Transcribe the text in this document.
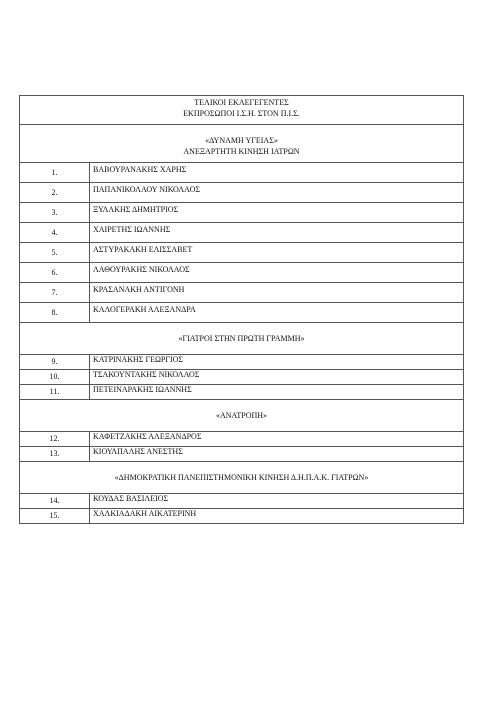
ΤΕΛΙΚΟΙ ΕΚΛΕΓΕΓΕΝΤΕΣ
ΕΚΠΡΟΣΩΠΟΙ Ι.Σ.Η. ΣΤΟΝ Π.Ι.Σ.	

«ΔΥΝΑΜΗ ΥΓΕΙΑΣ»
ΑΝΕΞΑΡΤΗΤΗ ΚΙΝΗΣΗ ΙΑΤΡΩΝ	

1.	ΒΑΒΟΥΡΑΝΑΚΗΣ ΧΑΡΗΣ
2.	ΠΑΠΑΝΙΚΟΛΑΟΥ ΝΙΚΟΛΑΟΣ
3.	ΞΥΛΑΚΗΣ ΔΗΜΗΤΡΙΟΣ
4.	ΧΑΙΡΕΤΗΣ ΙΩΑΝΝΗΣ
5.	ΑΣΤΥΡΑΚΑΚΗ ΕΛΙΣΣΑΒΕΤ
6.	ΛΑΘΟΥΡΑΚΗΣ ΝΙΚΟΛΑΟΣ
7.	ΚΡΑΣΑΝΑΚΗ ΑΝΤΙΓΟΝΗ
8.	ΚΑΛΟΓΕΡΑΚΗ ΑΛΕΞΑΝΔΡΑ
«ΓΙΑΤΡΟΙ ΣΤΗΝ ΠΡΩΤΗ ΓΡΑΜΜΗ»	
9.	ΚΑΤΡΙΝΑΚΗΣ ΓΕΩΡΓΙΟΣ
10.	ΤΣΑΚΟΥΝΤΑΚΗΣ ΝΙΚΟΛΑΟΣ
11.	ΠΕΤΕΙΝΑΡΑΚΗΣ ΙΩΑΝΝΗΣ
«ΑΝΑΤΡΟΠΗ»	
12.	ΚΑΦΕΤΖΑΚΗΣ ΑΛΕΞΑΝΔΡΟΣ
13.	ΚΙΟΥΛΠΑΛΗΣ ΑΝΕΣΤΗΣ
«ΔΗΜΟΚΡΑΤΙΚΗ ΠΑΝΕΠΙΣΤΗΜΟΝΙΚΗ ΚΙΝΗΣΗ Δ.Η.Π.Α.Κ. ΓΙΑΤΡΩΝ»	
14.	ΚΟΥΔΑΣ ΒΑΣΙΛΕΙΟΣ
15.	ΧΑΛΚΙΑΔΑΚΗ ΑΙΚΑΤΕΡΙΝΗ
